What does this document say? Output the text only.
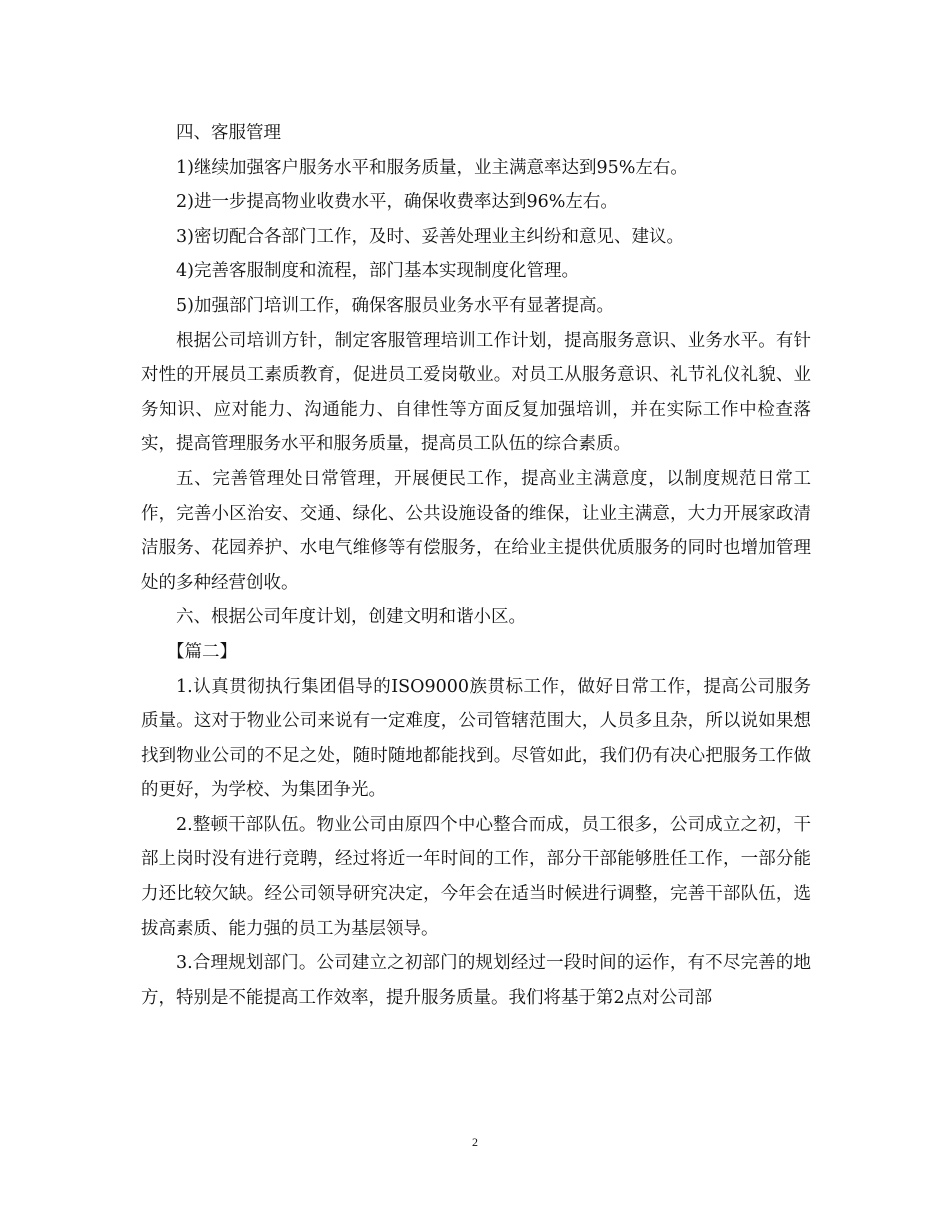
四、客服管理

1)继续加强客户服务水平和服务质量，业主满意率达到95%左右。

2)进一步提高物业收费水平，确保收费率达到96%左右。

3)密切配合各部门工作，及时、妥善处理业主纠纷和意见、建议。

4)完善客服制度和流程，部门基本实现制度化管理。

5)加强部门培训工作，确保客服员业务水平有显著提高。

根据公司培训方针，制定客服管理培训工作计划，提高服务意识、业务水平。有针对性的开展员工素质教育，促进员工爱岗敬业。对员工从服务意识、礼节礼仪礼貌、业务知识、应对能力、沟通能力、自律性等方面反复加强培训，并在实际工作中检查落实，提高管理服务水平和服务质量，提高员工队伍的综合素质。

五、完善管理处日常管理，开展便民工作，提高业主满意度，以制度规范日常工作，完善小区治安、交通、绿化、公共设施设备的维保，让业主满意，大力开展家政清洁服务、花园养护、水电气维修等有偿服务，在给业主提供优质服务的同时也增加管理处的多种经营创收。

六、根据公司年度计划，创建文明和谐小区。

【篇二】

1.认真贯彻执行集团倡导的ISO9000族贯标工作，做好日常工作，提高公司服务质量。这对于物业公司来说有一定难度，公司管辖范围大，人员多且杂，所以说如果想找到物业公司的不足之处，随时随地都能找到。尽管如此，我们仍有决心把服务工作做的更好，为学校、为集团争光。

2.整顿干部队伍。物业公司由原四个中心整合而成，员工很多，公司成立之初，干部上岗时没有进行竞聘，经过将近一年时间的工作，部分干部能够胜任工作，一部分能力还比较欠缺。经公司领导研究决定，今年会在适当时候进行调整，完善干部队伍，选拔高素质、能力强的员工为基层领导。

3.合理规划部门。公司建立之初部门的规划经过一段时间的运作，有不尽完善的地方，特别是不能提高工作效率，提升服务质量。我们将基于第2点对公司部

2
